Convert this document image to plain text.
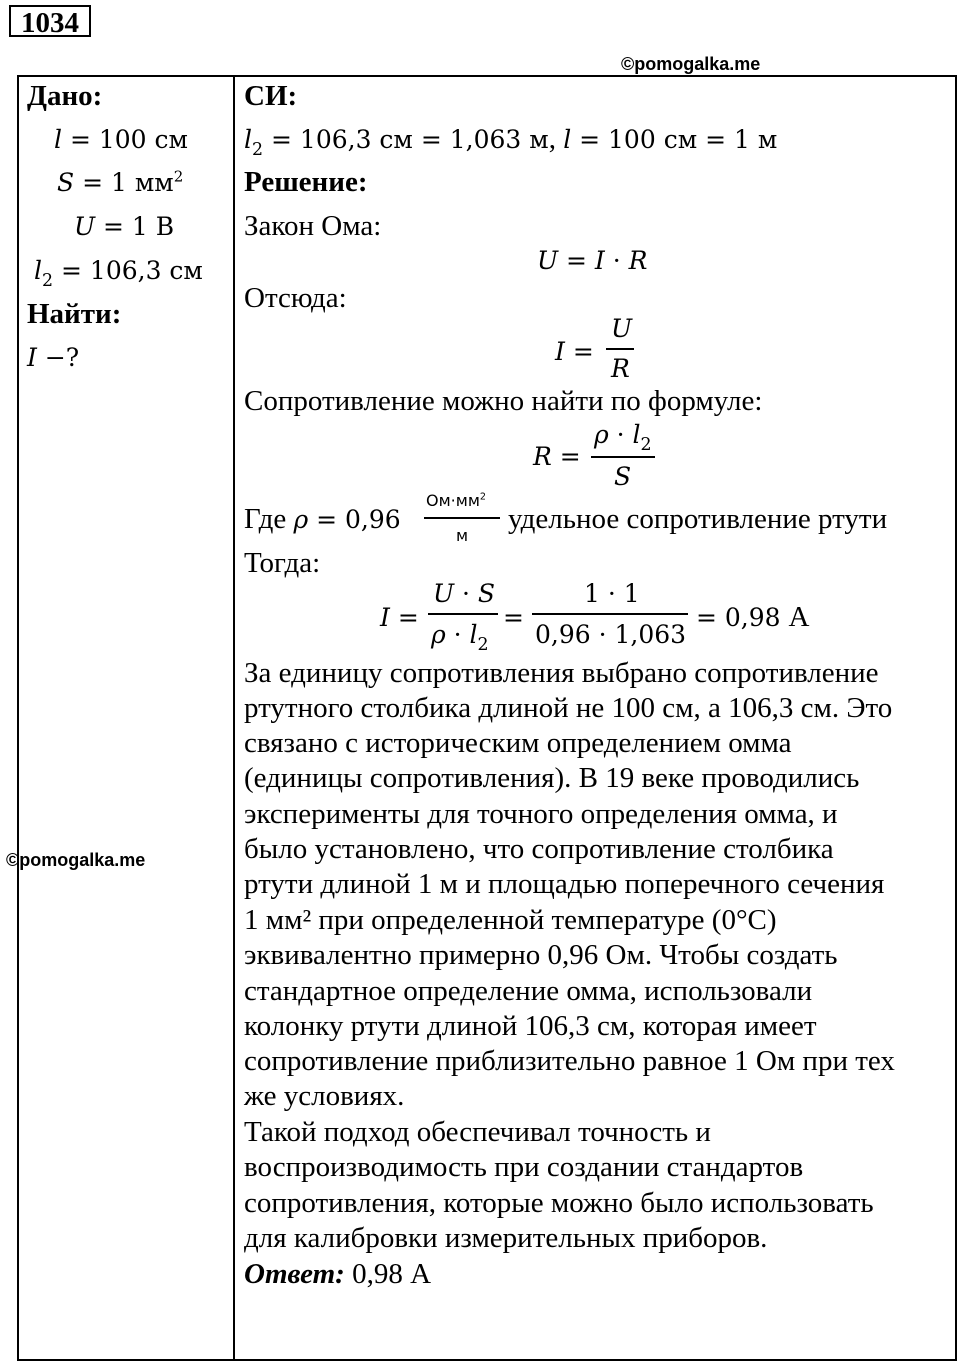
1034
©pomogalka.me
Дано:
l = 100 см
S = 1 $мм^2$
U = 1 В
$l_2 = 106,3$ см
Найти:
I −?
©pomogalka.me
СИ:
$l_2 = 106,3$ см = 1,063 м, l = 100 см = 1 м
Решение:
Закон Ома:
U = I · R
Отсюда:
I =
U
R
Сопротивление можно найти по формуле:
R =
$\rho \cdot l_2$
S
Где ρ = 0,96
$Ом\cdot мм^2$
м
удельное сопротивление ртути
Тогда:
I =
U · S
$\rho \cdot l_2$
=
1 · 1
0,96 · 1,063
= 0,98 А
За единицу сопротивления выбрано сопротивление
ртутного столбика длиной не 100 см, а 106,3 см. Это
связано с историческим определением омма
(единицы сопротивления). В 19 веке проводились
эксперименты для точного определения омма, и
было установлено, что сопротивление столбика
ртути длиной 1 м и площадью поперечного сечения
1 мм² при определенной температуре (0°С)
эквивалентно примерно 0,96 Ом. Чтобы создать
стандартное определение омма, использовали
колонку ртути длиной 106,3 см, которая имеет
сопротивление приблизительно равное 1 Ом при тех
же условиях.
Такой подход обеспечивал точность и
воспроизводимость при создании стандартов
сопротивления, которые можно было использовать
для калибровки измерительных приборов.
Ответ: 0,98 А
